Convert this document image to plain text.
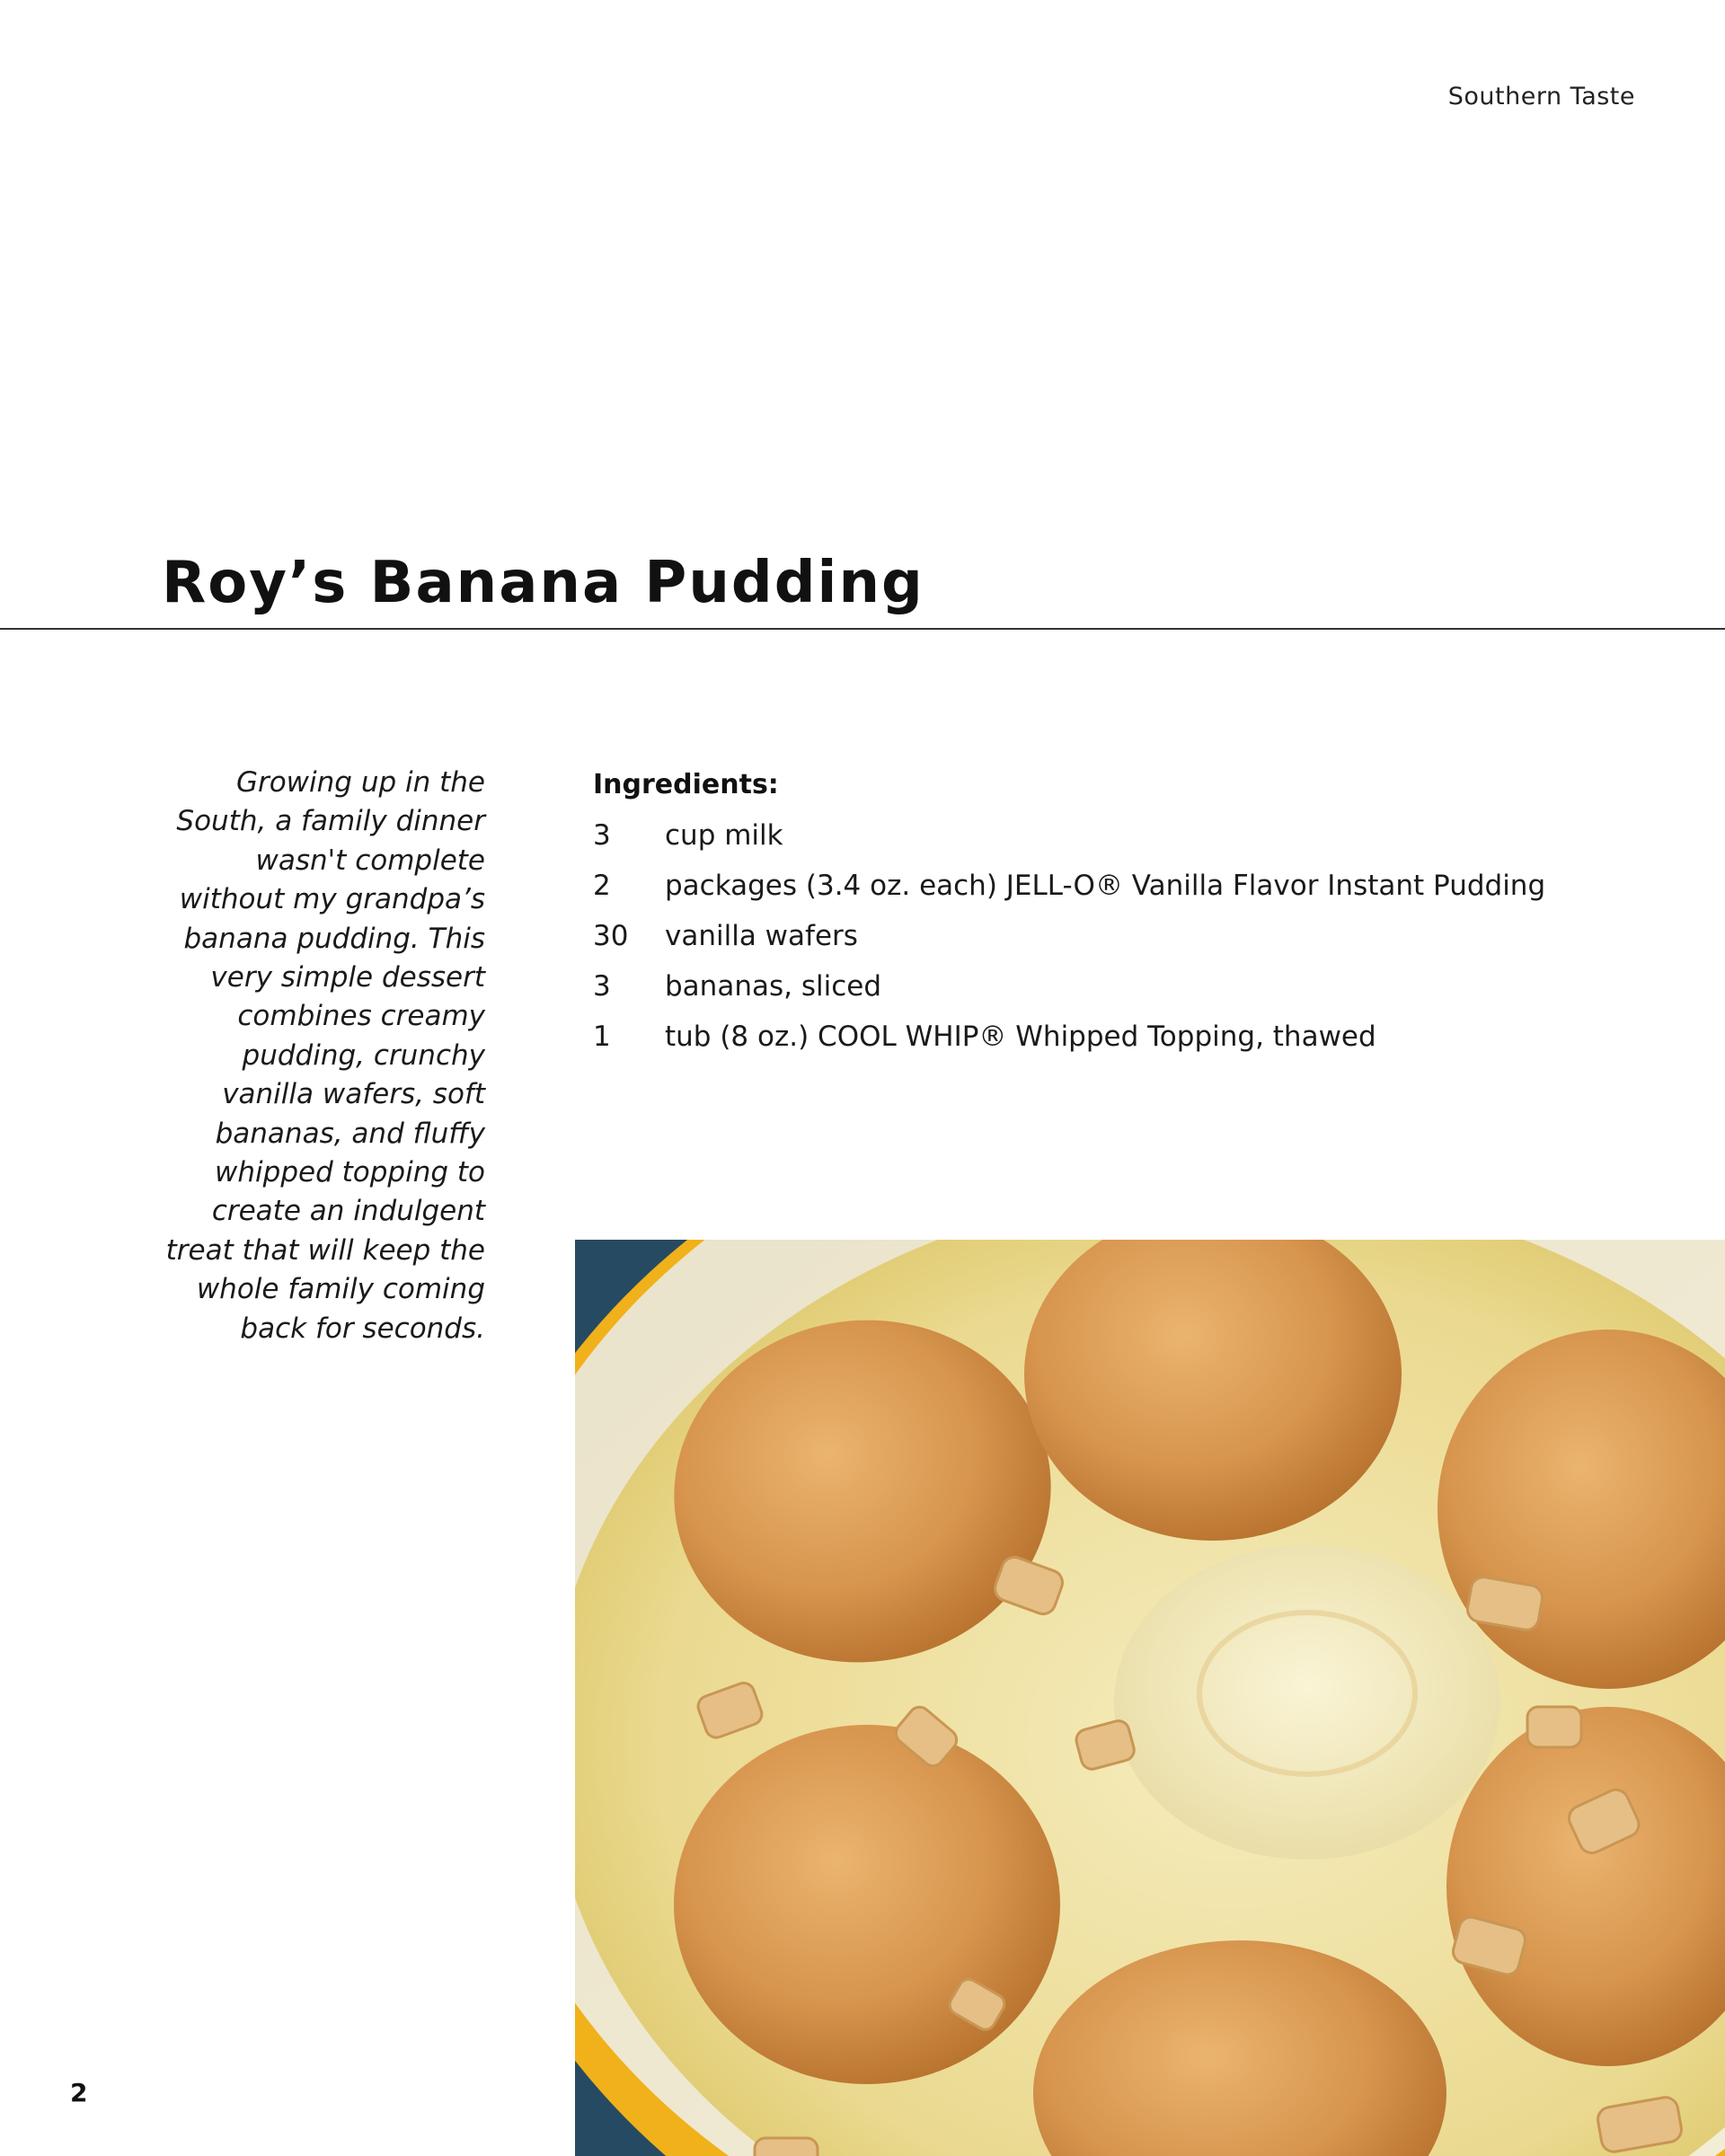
Southern Taste
Roy’s Banana Pudding
Growing up in the
South, a family dinner
wasn't complete
without my grandpa’s
banana pudding. This
very simple dessert
combines creamy
pudding, crunchy
vanilla wafers, soft
bananas, and fluffy
whipped topping to
create an indulgent
treat that will keep the
whole family coming
back for seconds.
Ingredients:
3	cup milk
2	packages (3.4 oz. each) JELL-O® Vanilla Flavor Instant Pudding
30	vanilla wafers
3	bananas, sliced
1	tub (8 oz.) COOL WHIP® Whipped Topping, thawed
2
